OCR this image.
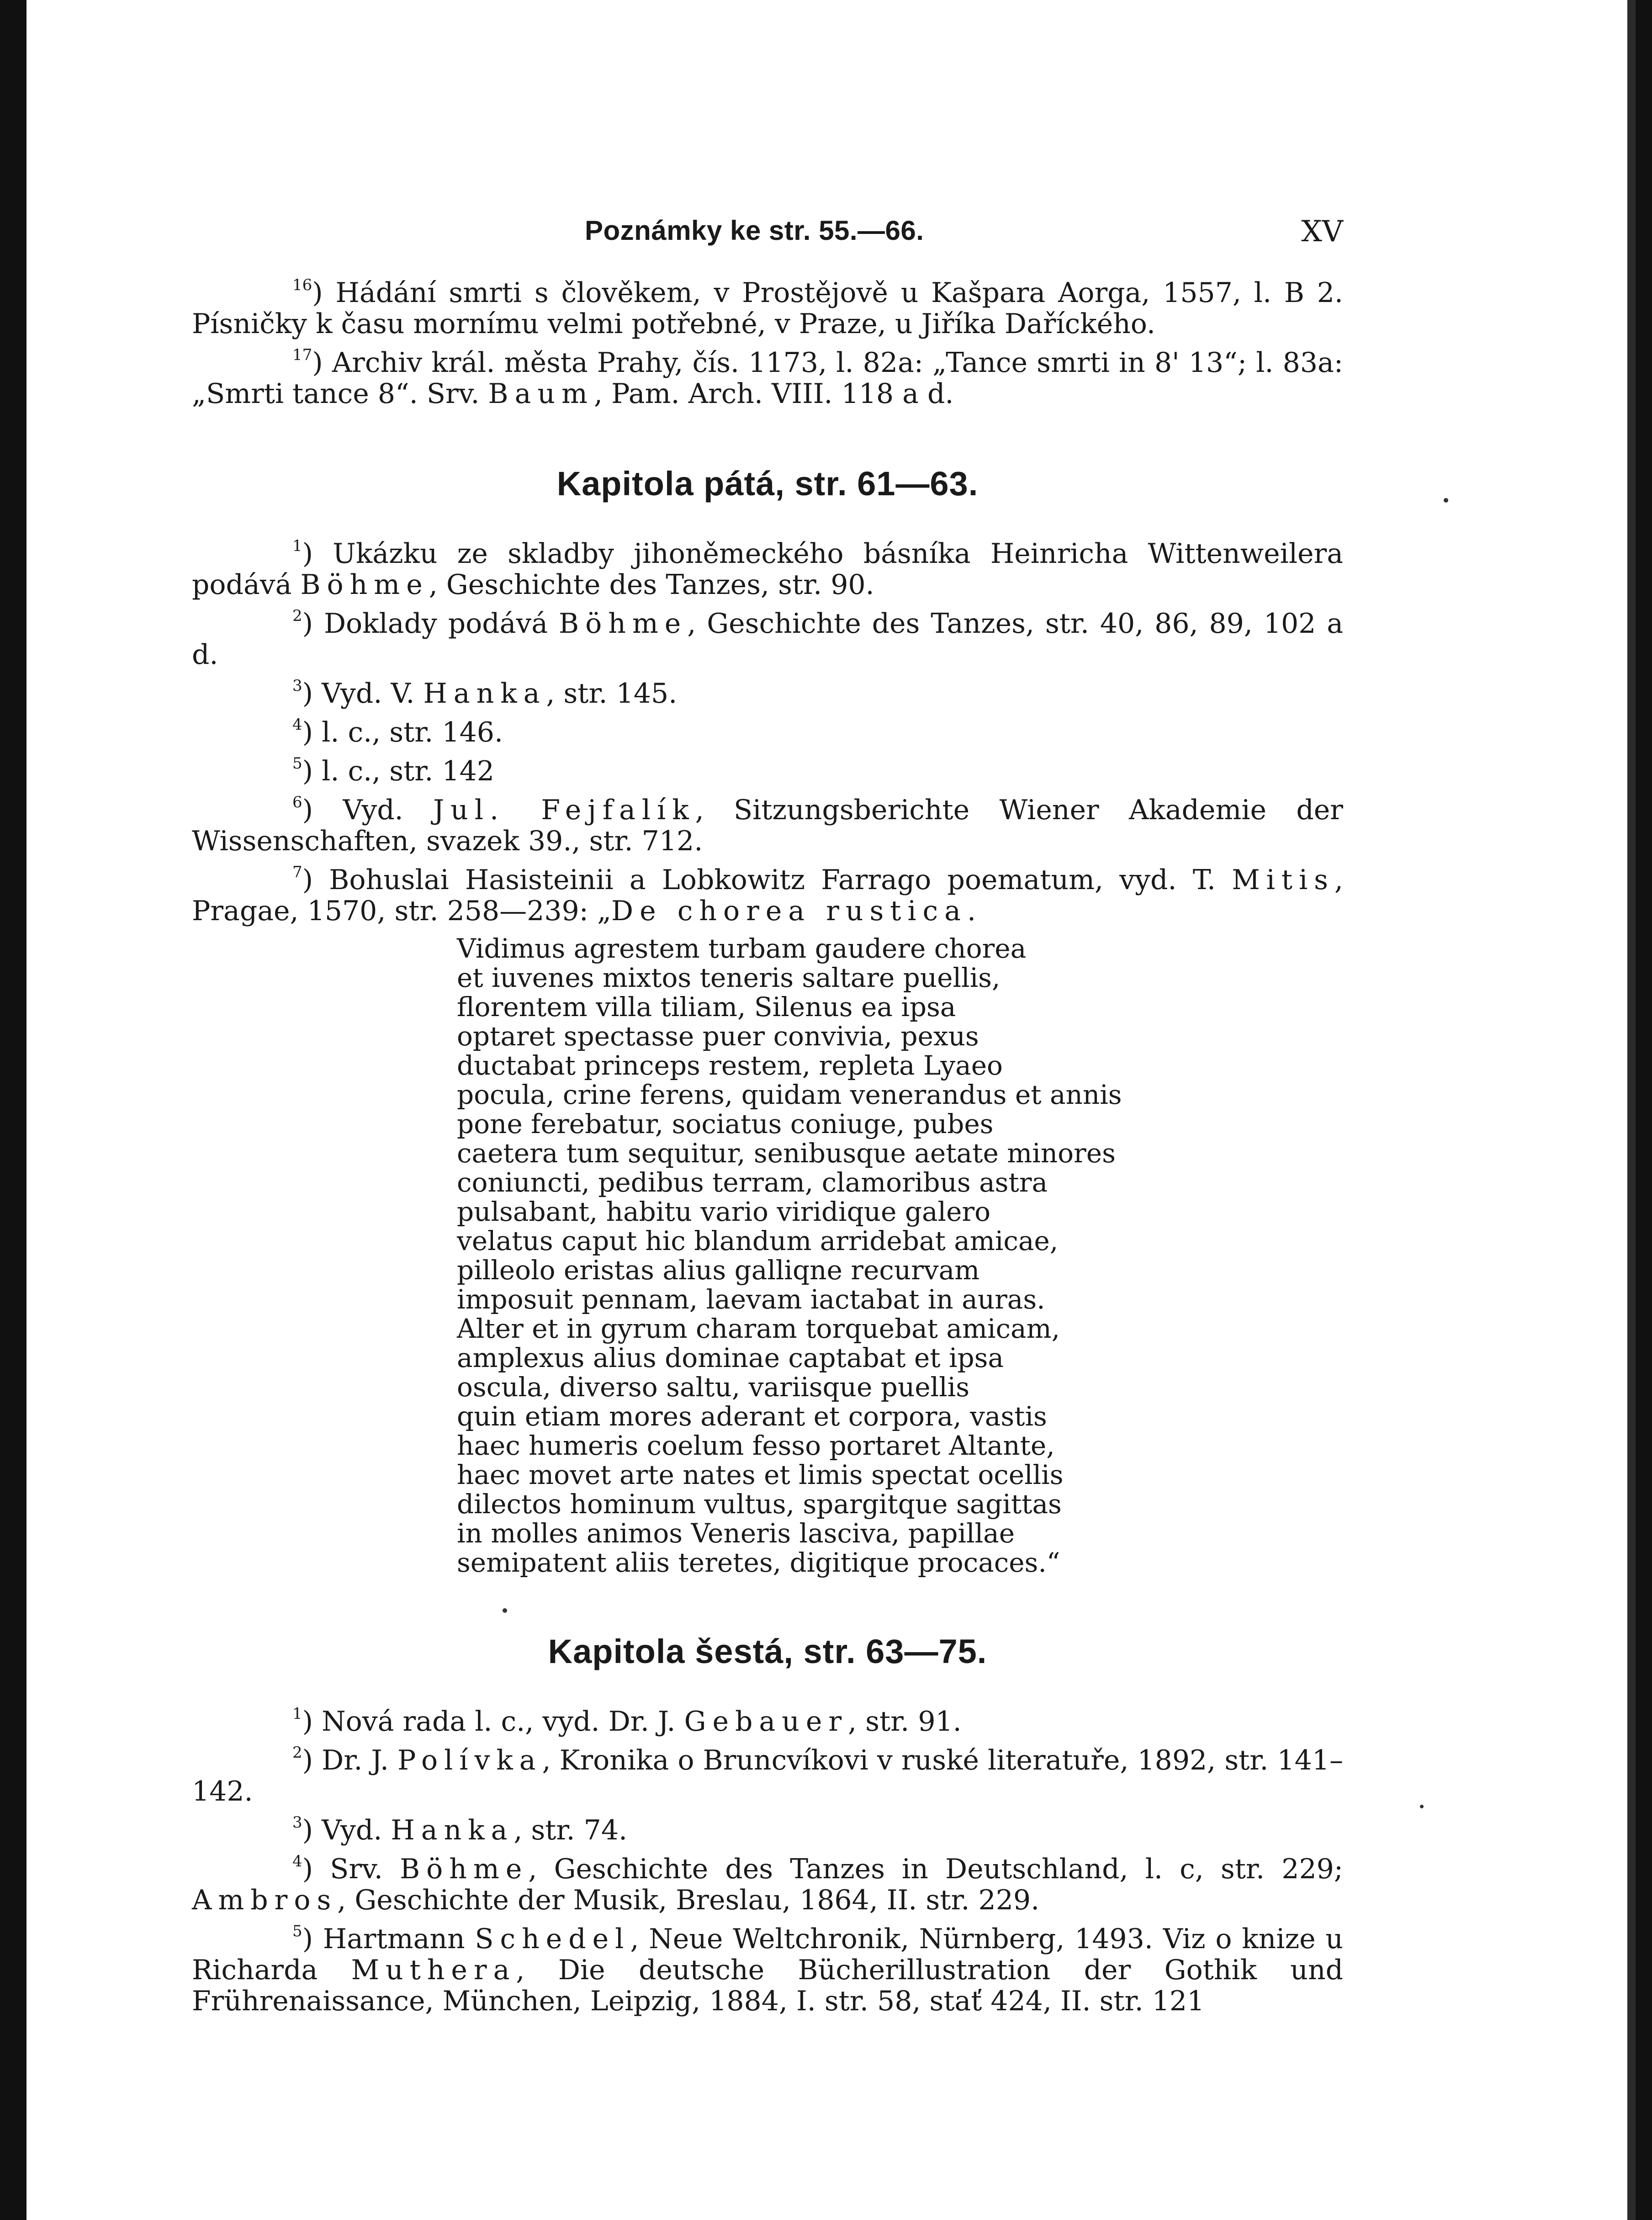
Poznámky ke str. 55.—66.	XV

$^{16}$) Hádání smrti s člověkem, v Prostějově u Kašpara Aorga, 1557, l. B 2. Písničky k času mornímu velmi potřebné, v Praze, u Jiříka Daříckého.

$^{17}$) Archiv král. města Prahy, čís. 1173, l. 82a: „Tance smrti in 8' 13“; l. 83a: „Smrti tance 8“. Srv. Baum, Pam. Arch. VIII. 118 a d.

Kapitola pátá, str. 61—63.

$^1$) Ukázku ze skladby jihoněmeckého básníka Heinricha Wittenweilera podává Böhme, Geschichte des Tanzes, str. 90.

$^2$) Doklady podává Böhme, Geschichte des Tanzes, str. 40, 86, 89, 102 a d.

$^3$) Vyd. V. Hanka, str. 145.

$^4$) l. c., str. 146.

$^5$) l. c., str. 142

$^6$) Vyd. Jul. Fejfalík, Sitzungsberichte Wiener Akademie der Wissenschaften, svazek 39., str. 712.

$^7$) Bohuslai Hasisteinii a Lobkowitz Farrago poematum, vyd. T. Mitis, Pragae, 1570, str. 258—239: „De chorea rustica.

Vidimus agrestem turbam gaudere chorea
et iuvenes mixtos teneris saltare puellis,
florentem villa tiliam, Silenus ea ipsa
optaret spectasse puer convivia, pexus
ductabat princeps restem, repleta Lyaeo
pocula, crine ferens, quidam venerandus et annis
pone ferebatur, sociatus coniuge, pubes
caetera tum sequitur, senibusque aetate minores
coniuncti, pedibus terram, clamoribus astra
pulsabant, habitu vario viridique galero
velatus caput hic blandum arridebat amicae,
pilleolo eristas alius galliqne recurvam
imposuit pennam, laevam iactabat in auras.
Alter et in gyrum charam torquebat amicam,
amplexus alius dominae captabat et ipsa
oscula, diverso saltu, variisque puellis
quin etiam mores aderant et corpora, vastis
haec humeris coelum fesso portaret Altante,
haec movet arte nates et limis spectat ocellis
dilectos hominum vultus, spargitque sagittas
in molles animos Veneris lasciva, papillae
semipatent aliis teretes, digitique procaces.“
Kapitola šestá, str. 63—75.

$^1$) Nová rada l. c., vyd. Dr. J. Gebauer, str. 91.

$^2$) Dr. J. Polívka, Kronika o Bruncvíkovi v ruské literatuře, 1892, str. 141–142.

$^3$) Vyd. Hanka, str. 74.

$^4$) Srv. Böhme, Geschichte des Tanzes in Deutschland, l. c, str. 229; Ambros, Geschichte der Musik, Breslau, 1864, II. str. 229.

$^5$) Hartmann Schedel, Neue Weltchronik, Nürnberg, 1493. Viz o knize u Richarda Muthera, Die deutsche Bücherillustration der Gothik und Frührenaissance, München, Leipzig, 1884, I. str. 58, stať 424, II. str. 121
